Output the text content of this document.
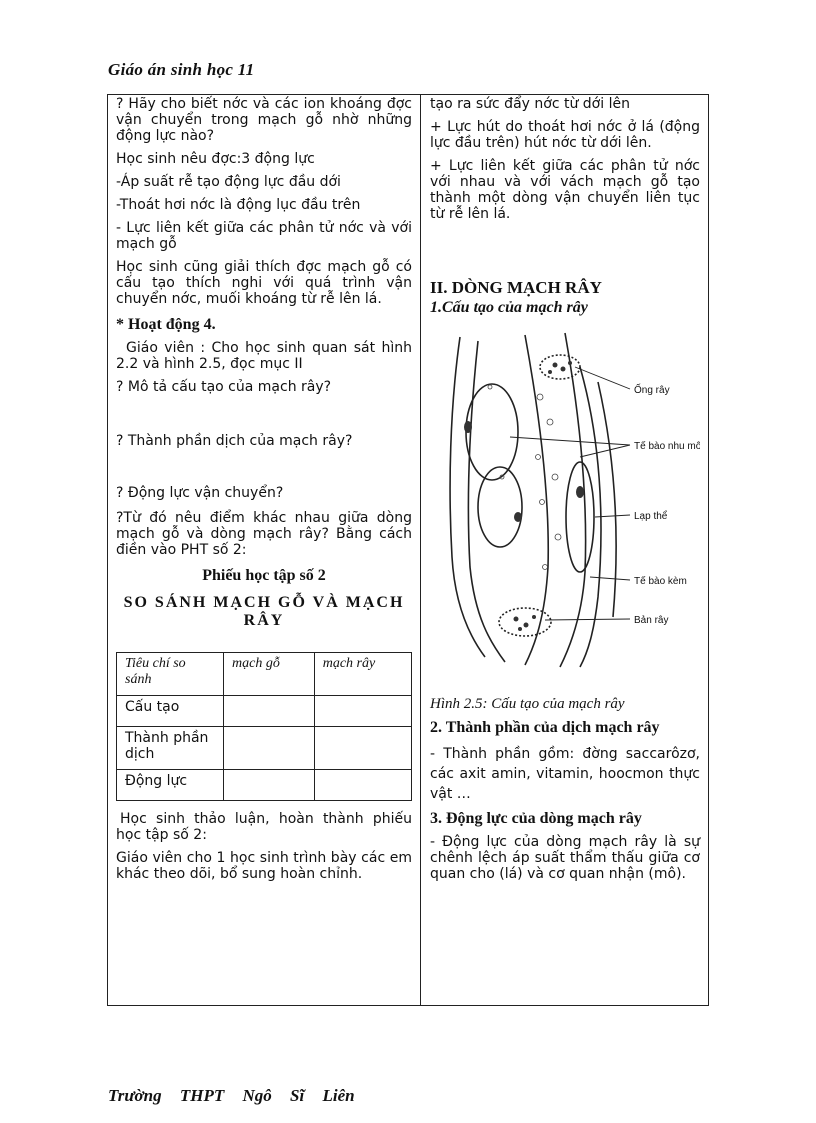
Giáo án sinh học 11

? Hãy cho biết nớc và các ion khoáng đợc vận chuyển trong mạch gỗ nhờ những động lực nào?

Học sinh nêu đợc:3 động lực

-Áp suất rễ tạo động lực đầu dới

-Thoát hơi nớc là động lục đầu trên

- Lực liên kết giữa các phân tử nớc và với mạch gỗ

Học sinh cũng giải thích đợc mạch gỗ có cấu tạo thích nghi với quá trình vận chuyển nớc, muối khoáng từ rễ lên lá.

* Hoạt động 4.

Giáo viên : Cho học sinh quan sát hình 2.2 và hình 2.5, đọc mục II

? Mô tả cấu tạo của mạch rây?

? Thành phần dịch của mạch rây?

? Động lực vận chuyển?

?Từ đó nêu điểm khác nhau giữa dòng mạch gỗ và dòng mạch rây? Bằng cách điền vào PHT số 2:

Phiếu học tập số 2

SO SÁNH MẠCH GỖ VÀ MẠCH RÂY

Tiêu chí so sánh	mạch gỗ	mạch rây
Cấu tạo		
Thành phần dịch		
Động lực		

Học sinh thảo luận, hoàn thành phiếu học tập số 2:

Giáo viên cho 1 học sinh trình bày các em khác theo dõi, bổ sung hoàn chỉnh.

tạo ra sức đẩy nớc từ dới lên

+ Lực hút do thoát hơi nớc ở lá (động lực đầu trên) hút nớc từ dới lên.

+ Lực liên kết giữa các phân tử nớc với nhau và với vách mạch gỗ tạo thành một dòng vận chuyển liên tục từ rễ lên lá.

II. DÒNG MẠCH RÂY

1.Cấu tạo của mạch rây

Ống rây
Tế bào nhu mô
Lạp thể
Tế bào kèm
Bản rây

Hình 2.5: Cấu tạo của mạch rây

2. Thành phần của dịch mạch rây

- Thành phần gồm: đờng saccarôzơ, các axit amin, vitamin, hoocmon thực vật …

3. Động lực của dòng mạch rây

- Động lực của dòng mạch rây là sự chênh lệch áp suất thẩm thấu giữa cơ quan cho (lá) và cơ quan nhận (mô).

Trường THPT Ngô Sĩ Liên
